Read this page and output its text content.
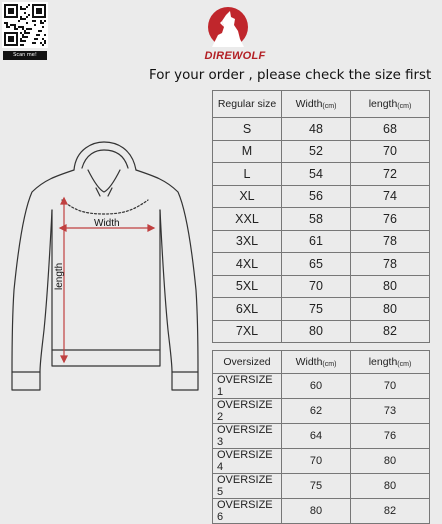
Scan me!	DIREWOLF
For your order , please check the size first
Width
length
Regular size	Width$_{(cm)}$	length$_{(cm)}$
S	48	68
M	52	70
L	54	72
XL	56	74
XXL	58	76
3XL	61	78
4XL	65	78
5XL	70	80
6XL	75	80
7XL	80	82
Oversized	Width$_{(cm)}$	length$_{(cm)}$
OVERSIZE 1	60	70
OVERSIZE 2	62	73
OVERSIZE 3	64	76
OVERSIZE 4	70	80
OVERSIZE 5	75	80
OVERSIZE 6	80	82
